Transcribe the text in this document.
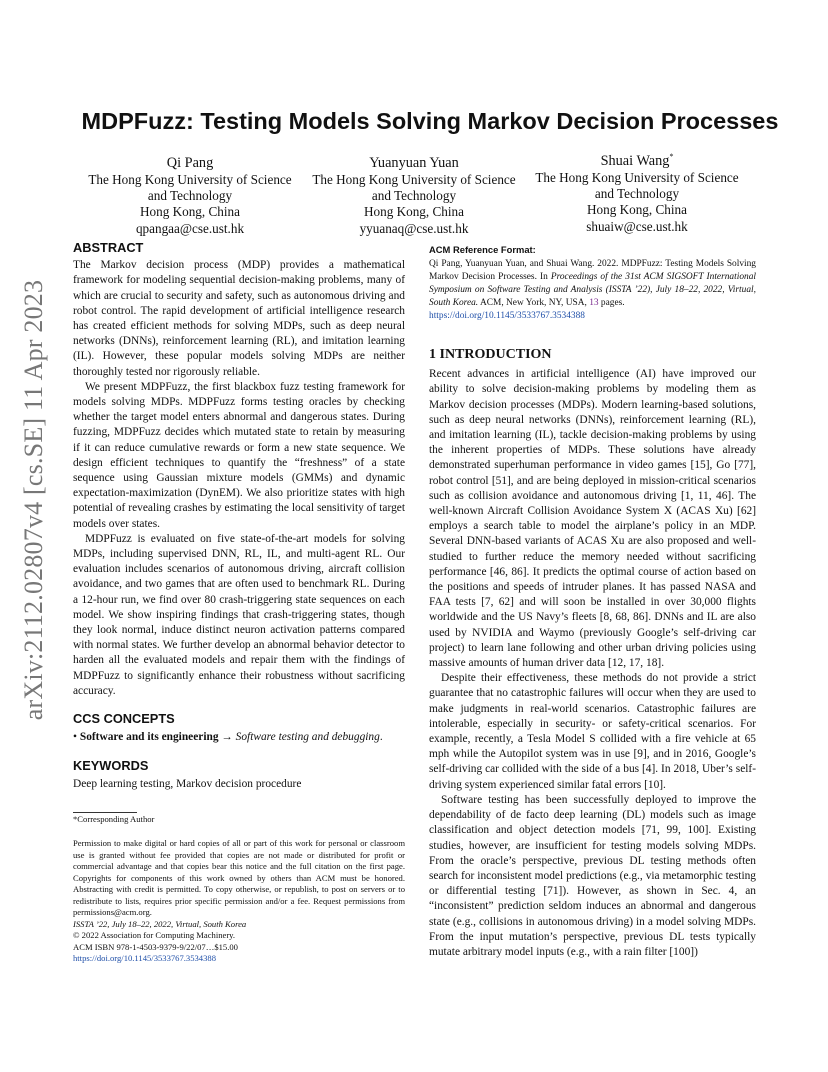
arXiv:2112.02807v4 [cs.SE] 11 Apr 2023
MDPFuzz: Testing Models Solving Markov Decision Processes
Qi Pang
The Hong Kong University of Science
and Technology
Hong Kong, China
qpangaa@cse.ust.hk
Yuanyuan Yuan
The Hong Kong University of Science
and Technology
Hong Kong, China
yyuanaq@cse.ust.hk
Shuai Wang*
The Hong Kong University of Science
and Technology
Hong Kong, China
shuaiw@cse.ust.hk

ABSTRACT

The Markov decision process (MDP) provides a mathematical framework for modeling sequential decision-making problems, many of which are crucial to security and safety, such as autonomous driving and robot control. The rapid development of artificial intelligence research has created efficient methods for solving MDPs, such as deep neural networks (DNNs), reinforcement learning (RL), and imitation learning (IL). However, these popular models solving MDPs are neither thoroughly tested nor rigorously reliable.

We present MDPFuzz, the first blackbox fuzz testing framework for models solving MDPs. MDPFuzz forms testing oracles by checking whether the target model enters abnormal and dangerous states. During fuzzing, MDPFuzz decides which mutated state to retain by measuring if it can reduce cumulative rewards or form a new state sequence. We design efficient techniques to quantify the “freshness” of a state sequence using Gaussian mixture models (GMMs) and dynamic expectation-maximization (DynEM). We also prioritize states with high potential of revealing crashes by estimating the local sensitivity of target models over states.

MDPFuzz is evaluated on five state-of-the-art models for solving MDPs, including supervised DNN, RL, IL, and multi-agent RL. Our evaluation includes scenarios of autonomous driving, aircraft collision avoidance, and two games that are often used to benchmark RL. During a 12-hour run, we find over 80 crash-triggering state sequences on each model. We show inspiring findings that crash-triggering states, though they look normal, induce distinct neuron activation patterns compared with normal states. We further develop an abnormal behavior detector to harden all the evaluated models and repair them with the findings of MDPFuzz to significantly enhance their robustness without sacrificing accuracy.

CCS CONCEPTS

• Software and its engineering → Software testing and debugging.

KEYWORDS

Deep learning testing, Markov decision procedure

*Corresponding Author

Permission to make digital or hard copies of all or part of this work for personal or classroom use is granted without fee provided that copies are not made or distributed for profit or commercial advantage and that copies bear this notice and the full citation on the first page. Copyrights for components of this work owned by others than ACM must be honored. Abstracting with credit is permitted. To copy otherwise, or republish, to post on servers or to redistribute to lists, requires prior specific permission and/or a fee. Request permissions from permissions@acm.org.

ISSTA ’22, July 18–22, 2022, Virtual, South Korea

© 2022 Association for Computing Machinery.

ACM ISBN 978-1-4503-9379-9/22/07…$15.00

https://doi.org/10.1145/3533767.3534388

ACM Reference Format:

Qi Pang, Yuanyuan Yuan, and Shuai Wang. 2022. MDPFuzz: Testing Models Solving Markov Decision Processes. In Proceedings of the 31st ACM SIGSOFT International Symposium on Software Testing and Analysis (ISSTA ’22), July 18–22, 2022, Virtual, South Korea. ACM, New York, NY, USA, 13 pages.

https://doi.org/10.1145/3533767.3534388

1 INTRODUCTION

Recent advances in artificial intelligence (AI) have improved our ability to solve decision-making problems by modeling them as Markov decision processes (MDPs). Modern learning-based solutions, such as deep neural networks (DNNs), reinforcement learning (RL), and imitation learning (IL), tackle decision-making problems by using the inherent properties of MDPs. These solutions have already demonstrated superhuman performance in video games [15], Go [77], robot control [51], and are being deployed in mission-critical scenarios such as collision avoidance and autonomous driving [1, 11, 46]. The well-known Aircraft Collision Avoidance System X (ACAS Xu) [62] employs a search table to model the airplane’s policy in an MDP. Several DNN-based variants of ACAS Xu are also proposed and well-studied to further reduce the memory needed without sacrificing performance [46, 86]. It predicts the optimal course of action based on the positions and speeds of intruder planes. It has passed NASA and FAA tests [7, 62] and will soon be installed in over 30,000 flights worldwide and the US Navy’s fleets [8, 68, 86]. DNNs and IL are also used by NVIDIA and Waymo (previously Google’s self-driving car project) to learn lane following and other urban driving policies using massive amounts of human driver data [12, 17, 18].

Despite their effectiveness, these methods do not provide a strict guarantee that no catastrophic failures will occur when they are used to make judgments in real-world scenarios. Catastrophic failures are intolerable, especially in security- or safety-critical scenarios. For example, recently, a Tesla Model S collided with a fire vehicle at 65 mph while the Autopilot system was in use [9], and in 2016, Google’s self-driving car collided with the side of a bus [4]. In 2018, Uber’s self-driving system experienced similar fatal errors [10].

Software testing has been successfully deployed to improve the dependability of de facto deep learning (DL) models such as image classification and object detection models [71, 99, 100]. Existing studies, however, are insufficient for testing models solving MDPs. From the oracle’s perspective, previous DL testing methods often search for inconsistent model predictions (e.g., via metamorphic testing or differential testing [71]). However, as shown in Sec. 4, an “inconsistent” prediction seldom induces an abnormal and dangerous state (e.g., collisions in autonomous driving) in a model solving MDPs. From the input mutation’s perspective, previous DL tests typically mutate arbitrary model inputs (e.g., with a rain filter [100])
